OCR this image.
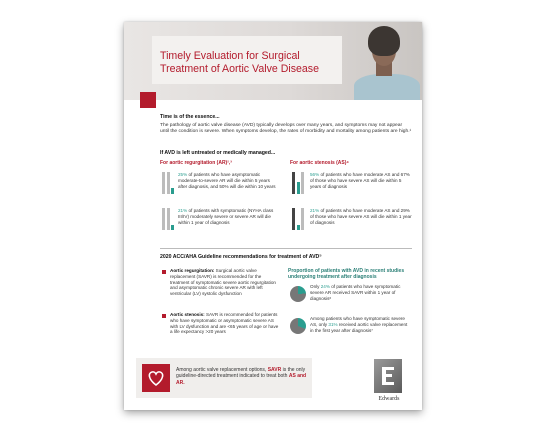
Timely Evaluation for Surgical
Treatment of Aortic Valve Disease
Time is of the essence...
The pathology of aortic valve disease (AVD) typically develops over many years, and symptoms may not appear until the condition is severe. When symptoms develop, the rates of morbidity and mortality among patients are high.¹
If AVD is left untreated or medically managed...
For aortic regurgitation (AR)²,³	For aortic stenosis (AS)⁴
25% of patients who have asymptomatic moderate-to-severe AR will die within 5 years after diagnosis, and 50% will die within 10 years
21% of patients with symptomatic (NYHA class III/IV) moderately severe or severe AR will die within 1 year of diagnosis
56% of patients who have moderate AS and 67% of those who have severe AS will die within 5 years of diagnosis
21% of patients who have moderate AS and 29% of those who have severe AS will die within 1 year of diagnosis
2020 ACC/AHA Guideline recommendations for treatment of AVD⁵
Aortic regurgitation: Surgical aortic valve replacement (SAVR) is recommended for the treatment of symptomatic severe aortic regurgitation and asymptomatic chronic severe AR with left ventricular (LV) systolic dysfunction
Aortic stenosis: SAVR is recommended for patients who have symptomatic or asymptomatic severe AS with LV dysfunction and are <65 years of age or have a life expectancy >20 years
Proportion of patients with AVD in recent studies undergoing treatment after diagnosis
Only 24% of patients who have symptomatic severe AR received SAVR within 1 year of diagnosis⁶
Among patients who have symptomatic severe AS, only 31% received aortic valve replacement in the first year after diagnosis⁷
Among aortic valve replacement options, SAVR is the only guideline-directed treatment indicated to treat both AS and AR.
Edwards
